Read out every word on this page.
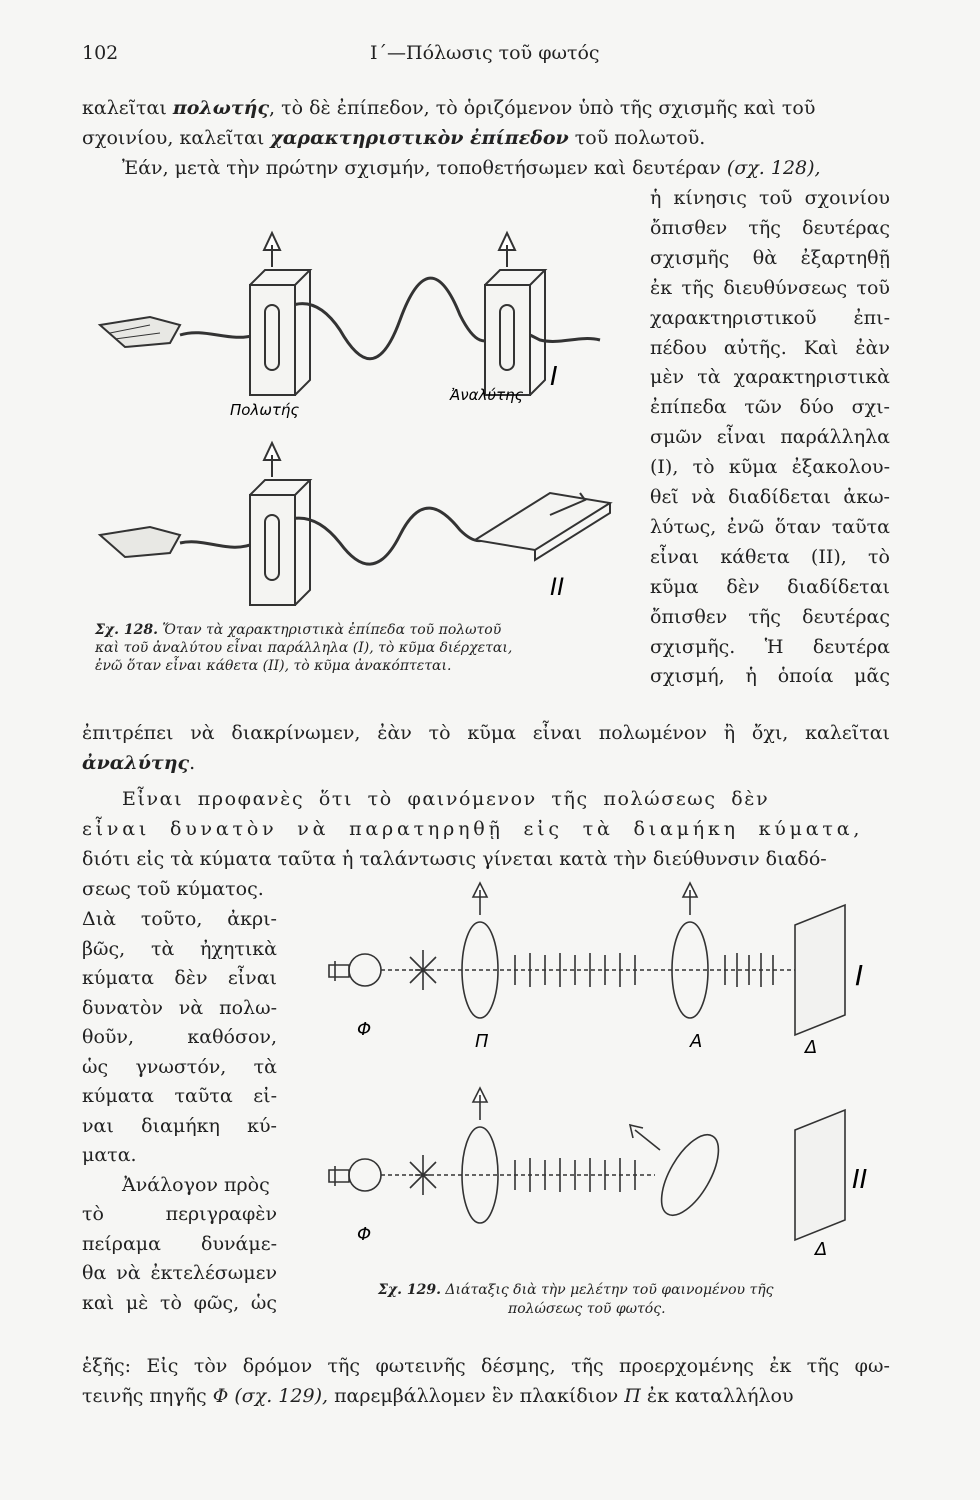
102	Ι΄—Πόλωσις τοῦ φωτός
καλεῖται πολωτής, τὸ δὲ ἐπίπεδον, τὸ ὁριζόμενον ὑπὸ τῆς σχισμῆς καὶ τοῦ
σχοινίου, καλεῖται χαρακτηριστικὸν ἐπίπεδον τοῦ πολωτοῦ.
Ἐάν, μετὰ τὴν πρώτην σχισμήν, τοποθετήσωμεν καὶ δευτέραν (σχ. 128),
ἡ κίνησις τοῦ σχοινίου
ὄπισθεν τῆς δευτέρας
σχισμῆς θὰ ἐξαρτηθῇ
ἐκ τῆς διευθύνσεως τοῦ
χαρακτηριστικοῦ ἐπι-
πέδου αὐτῆς. Καὶ ἐὰν
μὲν τὰ χαρακτηριστικὰ
ἐπίπεδα τῶν δύο σχι-
σμῶν εἶναι παράλληλα
(I), τὸ κῦμα ἐξακολου-
θεῖ νὰ διαδίδεται ἀκω-
λύτως, ἐνῶ ὅταν ταῦτα
εἶναι κάθετα (II), τὸ
κῦμα δὲν διαδίδεται
ὄπισθεν τῆς δευτέρας
σχισμῆς. Ἡ δευτέρα
σχισμή, ἡ ὁποία μᾶς
Πολωτής
Ἀναλύτης
I
II
Σχ. 128. Ὅταν τὰ χαρακτηριστικὰ ἐπίπεδα τοῦ πολωτοῦ
καὶ τοῦ ἀναλύτου εἶναι παράλληλα (I), τὸ κῦμα διέρχεται,
ἐνῶ ὅταν εἶναι κάθετα (II), τὸ κῦμα ἀνακόπτεται.
ἐπιτρέπει νὰ διακρίνωμεν, ἐὰν τὸ κῦμα εἶναι πολωμένον ἢ ὄχι, καλεῖται
ἀναλύτης.
Εἶναι προφανὲς ὅτι τὸ φαινόμενον τῆς πολώσεως δὲν
εἶναι δυνατὸν νὰ παρατηρηθῇ εἰς τὰ διαμήκη κύματα,
διότι εἰς τὰ κύματα ταῦτα ἡ ταλάντωσις γίνεται κατὰ τὴν διεύθυνσιν διαδό-
σεως τοῦ κύματος.
Διὰ τοῦτο, ἀκρι-
βῶς, τὰ ἠχητικὰ
κύματα δὲν εἶναι
δυνατὸν νὰ πολω-
θοῦν,	καθόσον,
ὡς γνωστόν, τὰ
κύματα ταῦτα εἰ-
ναι διαμήκη κύ-
ματα.
Ἀνάλογον πρὸς
τὸ	περιγραφὲν
πείραμα δυνάμε-
θα νὰ ἐκτελέσωμεν
καὶ μὲ τὸ φῶς, ὡς
Φ
Π	Α	Δ
I
Φ
Δ
II
Σχ. 129. Διάταξις διὰ τὴν μελέτην τοῦ φαινομένου τῆς
πολώσεως τοῦ φωτός.
ἑξῆς: Εἰς τὸν δρόμον τῆς φωτεινῆς δέσμης, τῆς προερχομένης ἐκ τῆς φω-
τεινῆς πηγῆς Φ (σχ. 129), παρεμβάλλομεν ἓν πλακίδιον Π ἐκ καταλλήλου
